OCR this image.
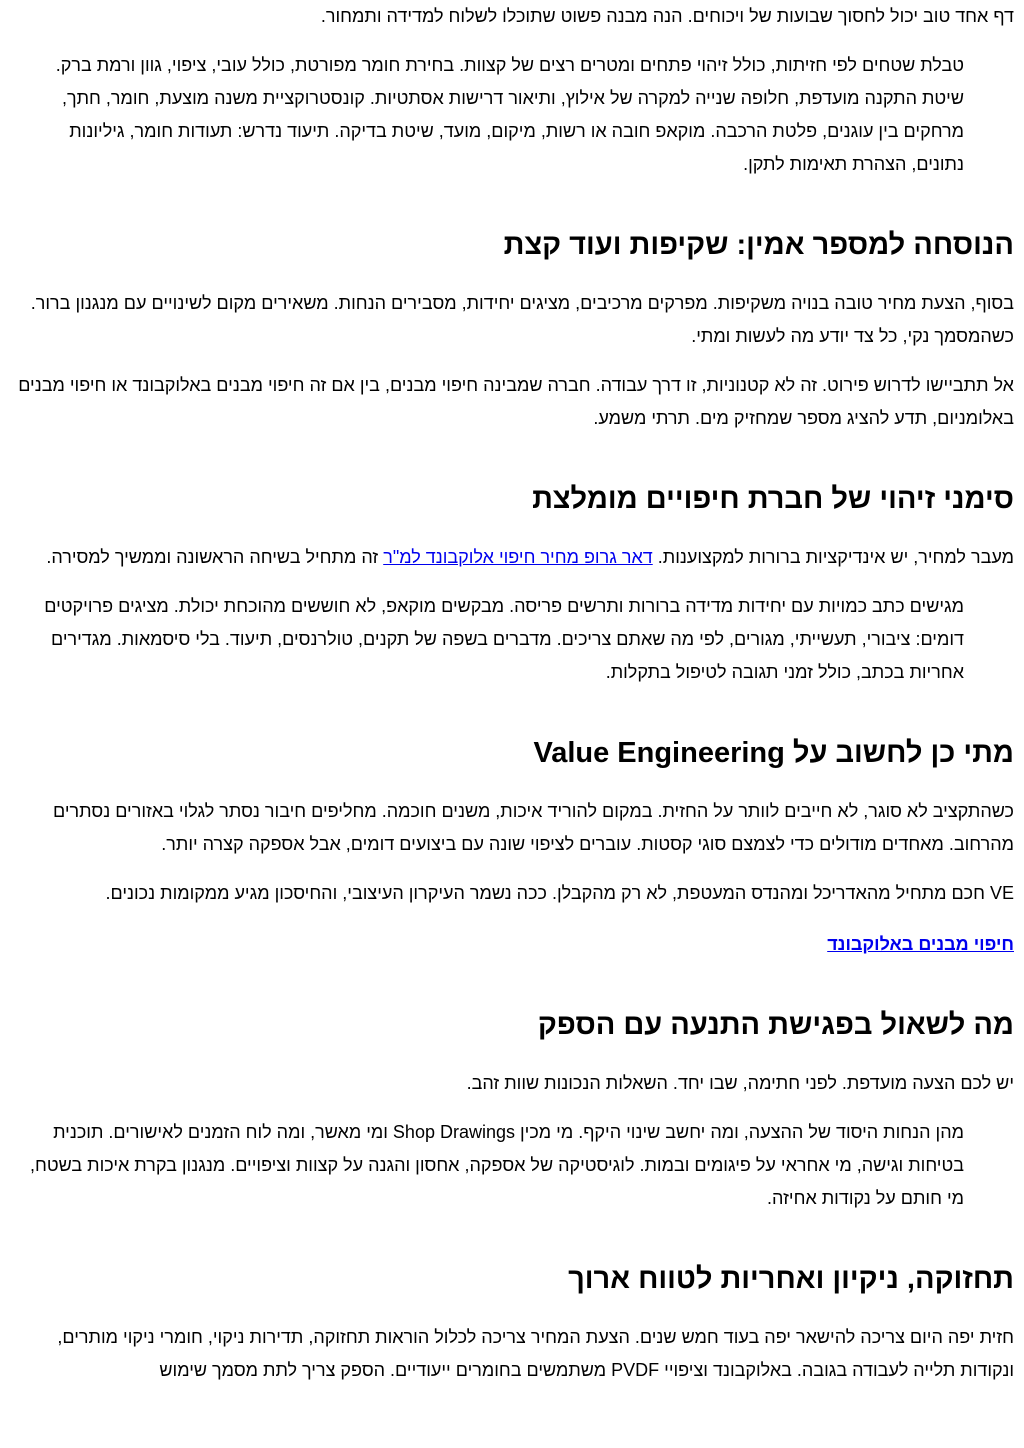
דף אחד טוב יכול לחסוך שבועות של ויכוחים. הנה מבנה פשוט שתוכלו לשלוח למדידה ותמחור.

טבלת שטחים לפי חזיתות, כולל זיהוי פתחים ומטרים רצים של קצוות. בחירת חומר מפורטת, כולל עובי, ציפוי, גוון ורמת ברק. שיטת התקנה מועדפת, חלופה שנייה למקרה של אילוץ, ותיאור דרישות אסתטיות. קונסטרוקציית משנה מוצעת, חומר, חתך, מרחקים בין עוגנים, פלטת הרכבה. מוקאפ חובה או רשות, מיקום, מועד, שיטת בדיקה. תיעוד נדרש: תעודות חומר, גיליונות נתונים, הצהרת תאימות לתקן.

הנוסחה למספר אמין: שקיפות ועוד קצת

בסוף, הצעת מחיר טובה בנויה משקיפות. מפרקים מרכיבים, מציגים יחידות, מסבירים הנחות. משאירים מקום לשינויים עם מנגנון ברור. כשהמסמך נקי, כל צד יודע מה לעשות ומתי.

אל תתביישו לדרוש פירוט. זה לא קטנוניות, זו דרך עבודה. חברה שמבינה חיפוי מבנים, בין אם זה חיפוי מבנים באלוקבונד או חיפוי מבנים באלומניום, תדע להציג מספר שמחזיק מים. תרתי משמע.

סימני זיהוי של חברת חיפויים מומלצת

מעבר למחיר, יש אינדיקציות ברורות למקצוענות. דאר גרופ מחיר חיפוי אלוקבונד למ"ר זה מתחיל בשיחה הראשונה וממשיך למסירה.

מגישים כתב כמויות עם יחידות מדידה ברורות ותרשים פריסה. מבקשים מוקאפ, לא חוששים מהוכחת יכולת. מציגים פרויקטים דומים: ציבורי, תעשייתי, מגורים, לפי מה שאתם צריכים. מדברים בשפה של תקנים, טולרנסים, תיעוד. בלי סיסמאות. מגדירים אחריות בכתב, כולל זמני תגובה לטיפול בתקלות.

מתי כן לחשוב על Value Engineering

כשהתקציב לא סוגר, לא חייבים לוותר על החזית. במקום להוריד איכות, משנים חוכמה. מחליפים חיבור נסתר לגלוי באזורים נסתרים מהרחוב. מאחדים מודולים כדי לצמצם סוגי קסטות. עוברים לציפוי שונה עם ביצועים דומים, אבל אספקה קצרה יותר.

VE חכם מתחיל מהאדריכל ומהנדס המעטפת, לא רק מהקבלן. ככה נשמר העיקרון העיצובי, והחיסכון מגיע ממקומות נכונים.

חיפוי מבנים באלוקבונד

מה לשאול בפגישת התנעה עם הספק

יש לכם הצעה מועדפת. לפני חתימה, שבו יחד. השאלות הנכונות שוות זהב.

מהן הנחות היסוד של ההצעה, ומה יחשב שינוי היקף. מי מכין Shop Drawings ומי מאשר, ומה לוח הזמנים לאישורים. תוכנית בטיחות וגישה, מי אחראי על פיגומים ובמות. לוגיסטיקה של אספקה, אחסון והגנה על קצוות וציפויים. מנגנון בקרת איכות בשטח, מי חותם על נקודות אחיזה.

תחזוקה, ניקיון ואחריות לטווח ארוך

חזית יפה היום צריכה להישאר יפה בעוד חמש שנים. הצעת המחיר צריכה לכלול הוראות תחזוקה, תדירות ניקוי, חומרי ניקוי מותרים, ונקודות תלייה לעבודה בגובה. באלוקבונד וציפויי PVDF משתמשים בחומרים ייעודיים. הספק צריך לתת מסמך שימוש
